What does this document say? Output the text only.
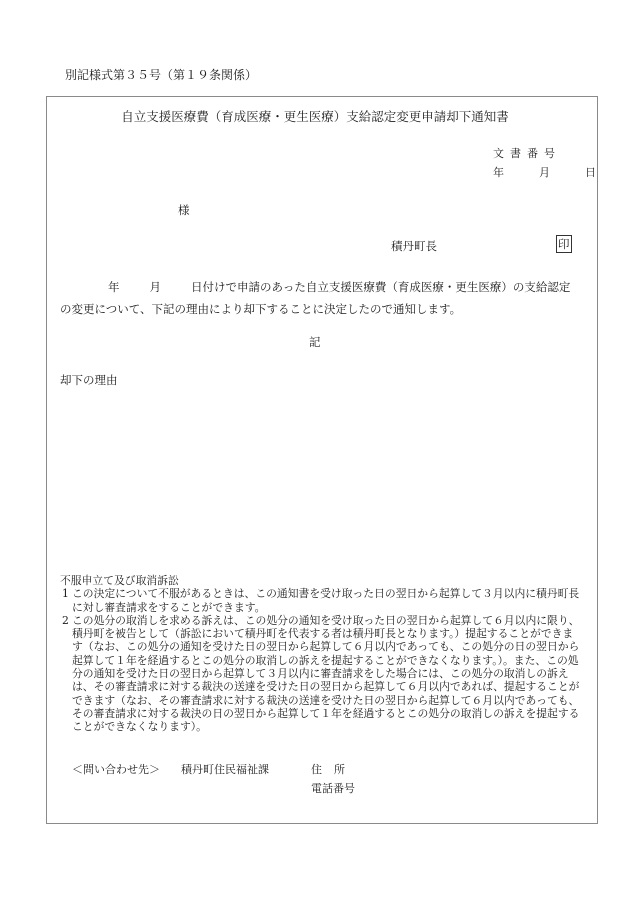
別記様式第３５号（第１９条関係）
自立支援医療費（育成医療・更生医療）支給認定変更申請却下通知書
文書番号
年	月	日
様
積丹町長	印
年	月	日付けで申請のあった自立支援医療費（育成医療・更生医療）の支給認定
の変更について、下記の理由により却下することに決定したので通知します。
記
却下の理由
不服申立て及び取消訴訟
1 この決定について不服があるときは、この通知書を受け取った日の翌日から起算して３月以内に積丹町長に対し審査請求をすることができます。
2 この処分の取消しを求める訴えは、この処分の通知を受け取った日の翌日から起算して６月以内に限り、積丹町を被告として（訴訟において積丹町を代表する者は積丹町長となります。）提起することができます（なお、この処分の通知を受けた日の翌日から起算して６月以内であっても、この処分の日の翌日から起算して１年を経過するとこの処分の取消しの訴えを提起することができなくなります。）。また、この処分の通知を受けた日の翌日から起算して３月以内に審査請求をした場合には、この処分の取消しの訴えは、その審査請求に対する裁決の送達を受けた日の翌日から起算して６月以内であれば、提起することができます（なお、その審査請求に対する裁決の送達を受けた日の翌日から起算して６月以内であっても、その審査請求に対する裁決の日の翌日から起算して１年を経過するとこの処分の取消しの訴えを提起することができなくなります）。
＜問い合わせ先＞ 積丹町住民福祉課	住所
電話番号
